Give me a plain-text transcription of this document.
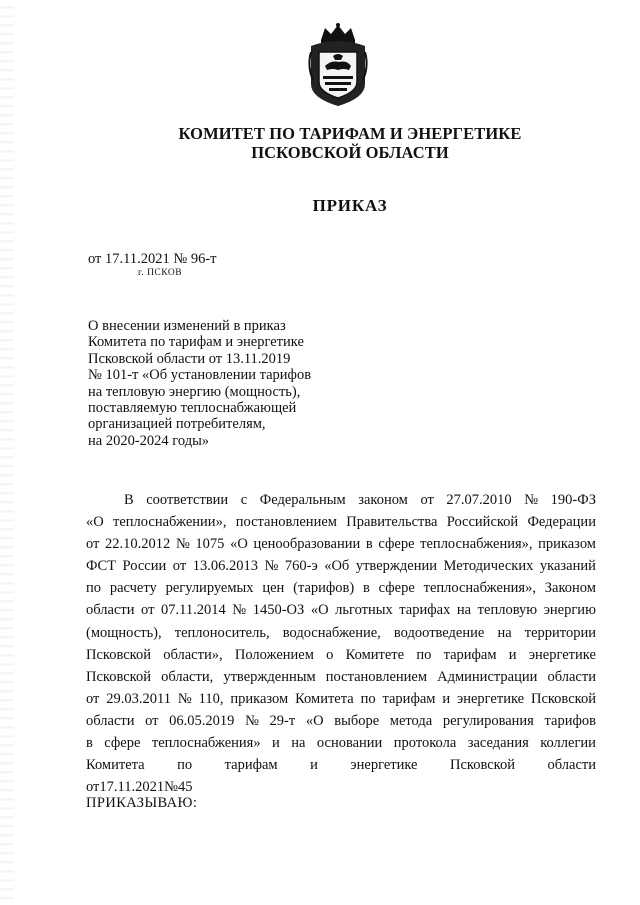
КОМИТЕТ ПО ТАРИФАМ И ЭНЕРГЕТИКЕ
ПСКОВСКОЙ ОБЛАСТИ
ПРИКАЗ
от 17.11.2021 № 96-т
г. ПСКОВ
О внесении изменений в приказ
Комитета по тарифам и энергетике
Псковской области от 13.11.2019
№ 101-т «Об установлении тарифов
на тепловую энергию (мощность),
поставляемую теплоснабжающей
организацией потребителям,
на 2020-2024 годы»
В соответствии с Федеральным законом от 27.07.2010 № 190-ФЗ
«О теплоснабжении», постановлением Правительства Российской Федерации
от 22.10.2012 № 1075 «О ценообразовании в сфере теплоснабжения», приказом
ФСТ России от 13.06.2013 № 760-э «Об утверждении Методических указаний
по расчету регулируемых цен (тарифов) в сфере теплоснабжения», Законом
области от 07.11.2014 № 1450-ОЗ «О льготных тарифах на тепловую энергию
(мощность), теплоноситель, водоснабжение, водоотведение на территории
Псковской области», Положением о Комитете по тарифам и энергетике
Псковской области, утвержденным постановлением Администрации области
от 29.03.2011 № 110, приказом Комитета по тарифам и энергетике Псковской
области от 06.05.2019 № 29-т «О выборе метода регулирования тарифов
в сфере теплоснабжения» и на основании протокола заседания коллегии
Комитета по тарифам и энергетике Псковской области
от 17.11.2021 № 45
ПРИКАЗЫВАЮ:
